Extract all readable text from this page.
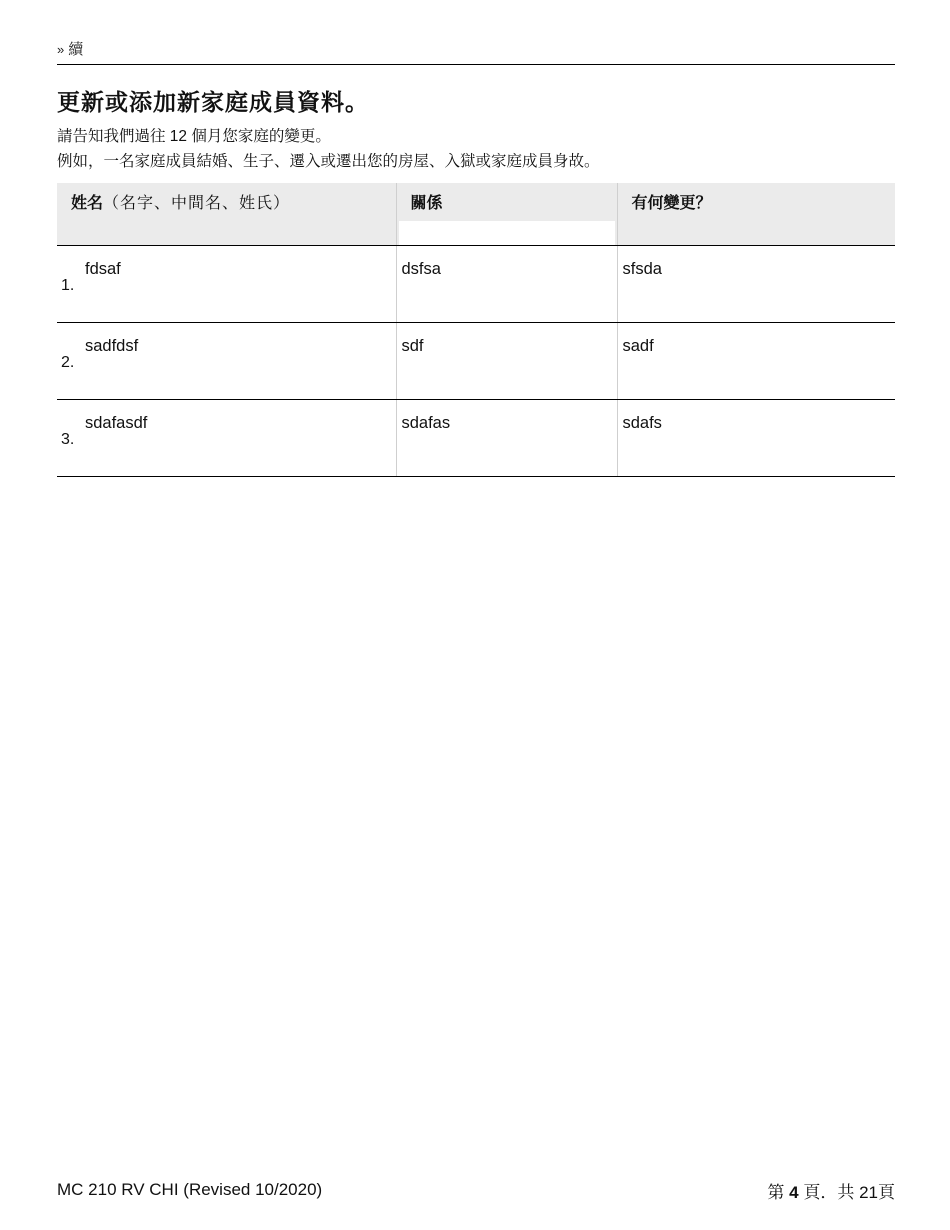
» 續
更新或添加新家庭成員資料。
請告知我們過往 12 個月您家庭的變更。
例如，一名家庭成員結婚、生子、遷入或遷出您的房屋、入獄或家庭成員身故。
姓名（名字、中間名、姓氏）	關係	有何變更？

1.
fdsaf	dsfsa	sfsda

2.
sadfdsf	sdf	sadf

3.
sdafasdf	sdafas	sdafs
MC 210 RV CHI (Revised 10/2020)	第 4 頁．共 21頁
